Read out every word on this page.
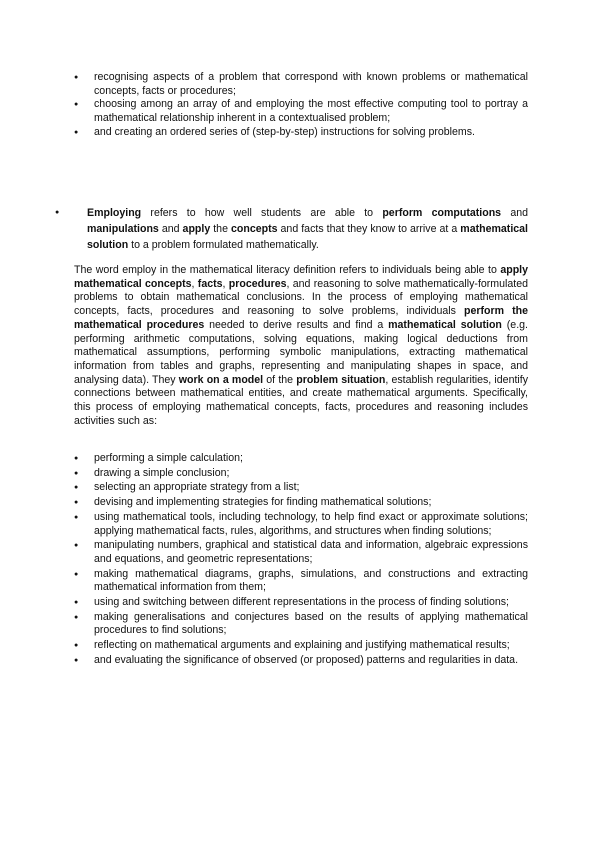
● recognising aspects of a problem that correspond with known problems or mathematical concepts, facts or procedures;
● choosing among an array of and employing the most effective computing tool to portray a mathematical relationship inherent in a contextualised problem;
● and creating an ordered series of (step-by-step) instructions for solving problems.
● Employing refers to how well students are able to perform computations and manipulations and apply the concepts and facts that they know to arrive at a mathematical solution to a problem formulated mathematically.

The word employ in the mathematical literacy definition refers to individuals being able to apply mathematical concepts, facts, procedures, and reasoning to solve mathematically-formulated problems to obtain mathematical conclusions. In the process of employing mathematical concepts, facts, procedures and reasoning to solve problems, individuals perform the mathematical procedures needed to derive results and find a mathematical solution (e.g. performing arithmetic computations, solving equations, making logical deductions from mathematical assumptions, performing symbolic manipulations, extracting mathematical information from tables and graphs, representing and manipulating shapes in space, and analysing data). They work on a model of the problem situation, establish regularities, identify connections between mathematical entities, and create mathematical arguments. Specifically, this process of employing mathematical concepts, facts, procedures and reasoning includes activities such as:

● performing a simple calculation;
● drawing a simple conclusion;
● selecting an appropriate strategy from a list;
● devising and implementing strategies for finding mathematical solutions;
● using mathematical tools, including technology, to help find exact or approximate solutions; applying mathematical facts, rules, algorithms, and structures when finding solutions;
● manipulating numbers, graphical and statistical data and information, algebraic expressions and equations, and geometric representations;
● making mathematical diagrams, graphs, simulations, and constructions and extracting mathematical information from them;
● using and switching between different representations in the process of finding solutions;
● making generalisations and conjectures based on the results of applying mathematical procedures to find solutions;
● reflecting on mathematical arguments and explaining and justifying mathematical results;
● and evaluating the significance of observed (or proposed) patterns and regularities in data.
